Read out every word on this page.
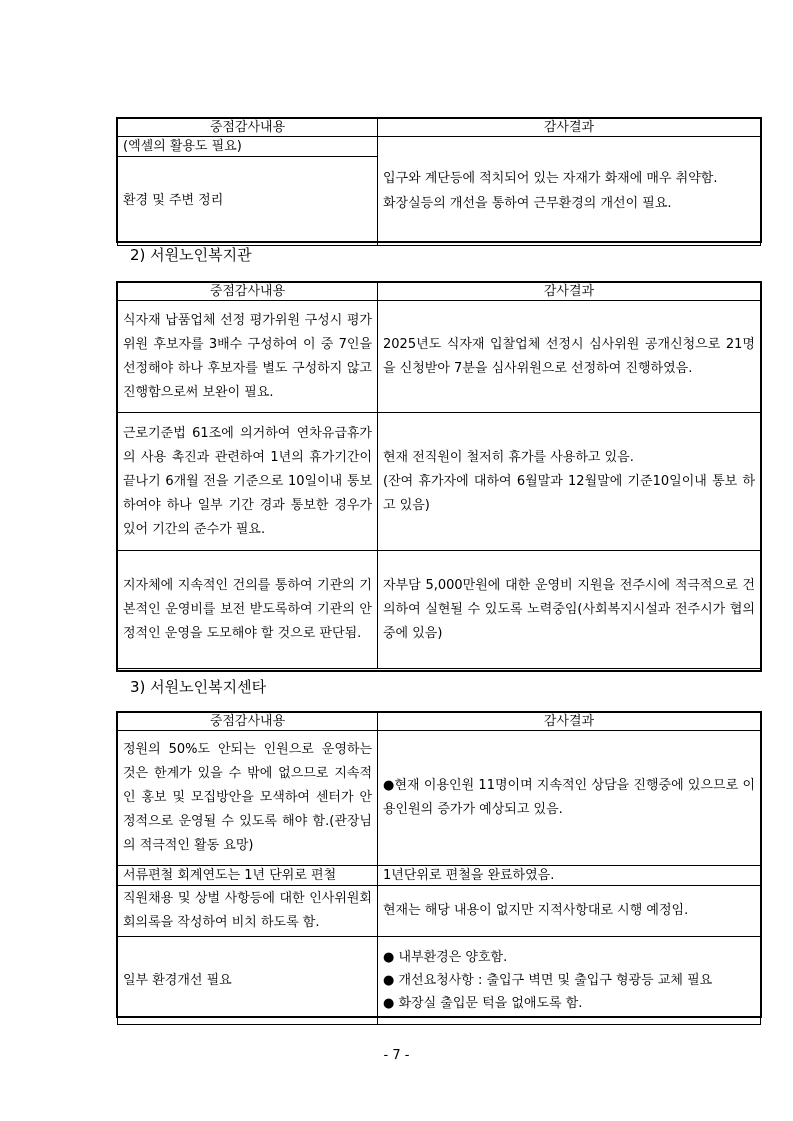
중점감사내용	감사결과
(엑셀의 활용도 필요)	입구와 계단등에 적치되어 있는 자재가 화재에 매우 취약함.
화장실등의 개선을 통하여 근무환경의 개선이 필요.
환경 및 주변 정리	
2) 서원노인복지관
중점감사내용	감사결과
식자재 납품업체 선정 평가위원 구성시 평가위원 후보자를 3배수 구성하여 이 중 7인을 선정해야 하나 후보자를 별도 구성하지 않고 진행함으로써 보완이 필요.	2025년도 식자재 입찰업체 선정시 심사위원 공개신청으로 21명을 신청받아 7분을 심사위원으로 선정하여 진행하였음.
근로기준법 61조에 의거하여 연차유급휴가의 사용 촉진과 관련하여 1년의 휴가기간이 끝나기 6개월 전을 기준으로 10일이내 통보하여야 하나 일부 기간 경과 통보한 경우가 있어 기간의 준수가 필요.	현재 전직원이 철저히 휴가를 사용하고 있음.
(잔여 휴가자에 대하여 6월말과 12월말에 기준10일이내 통보 하고 있음)
지자체에 지속적인 건의를 통하여 기관의 기본적인 운영비를 보전 받도록하여 기관의 안정적인 운영을 도모해야 할 것으로 판단됨.	자부담 5,000만원에 대한 운영비 지원을 전주시에 적극적으로 건의하여 실현될 수 있도록 노력중임(사회복지시설과 전주시가 협의중에 있음)
3) 서원노인복지센타
중점감사내용	감사결과
정원의 50%도 안되는 인원으로 운영하는 것은 한계가 있을 수 밖에 없으므로 지속적인 홍보 및 모집방안을 모색하여 센터가 안정적으로 운영될 수 있도록 해야 함.(관장님의 적극적인 활동 요망)	●현재 이용인원 11명이며 지속적인 상담을 진행중에 있으므로 이용인원의 증가가 예상되고 있음.
서류편철 회계연도는 1년 단위로 편철	1년단위로 편철을 완료하였음.
직원채용 및 상벌 사항등에 대한 인사위원회 회의록을 작성하여 비치 하도록 함.	현재는 해당 내용이 없지만 지적사항대로 시행 예정임.
일부 환경개선 필요	● 내부환경은 양호함.
● 개선요청사항 : 출입구 벽면 및 출입구 형광등 교체 필요
● 화장실 출입문 턱을 없애도록 함.
- 7 -
